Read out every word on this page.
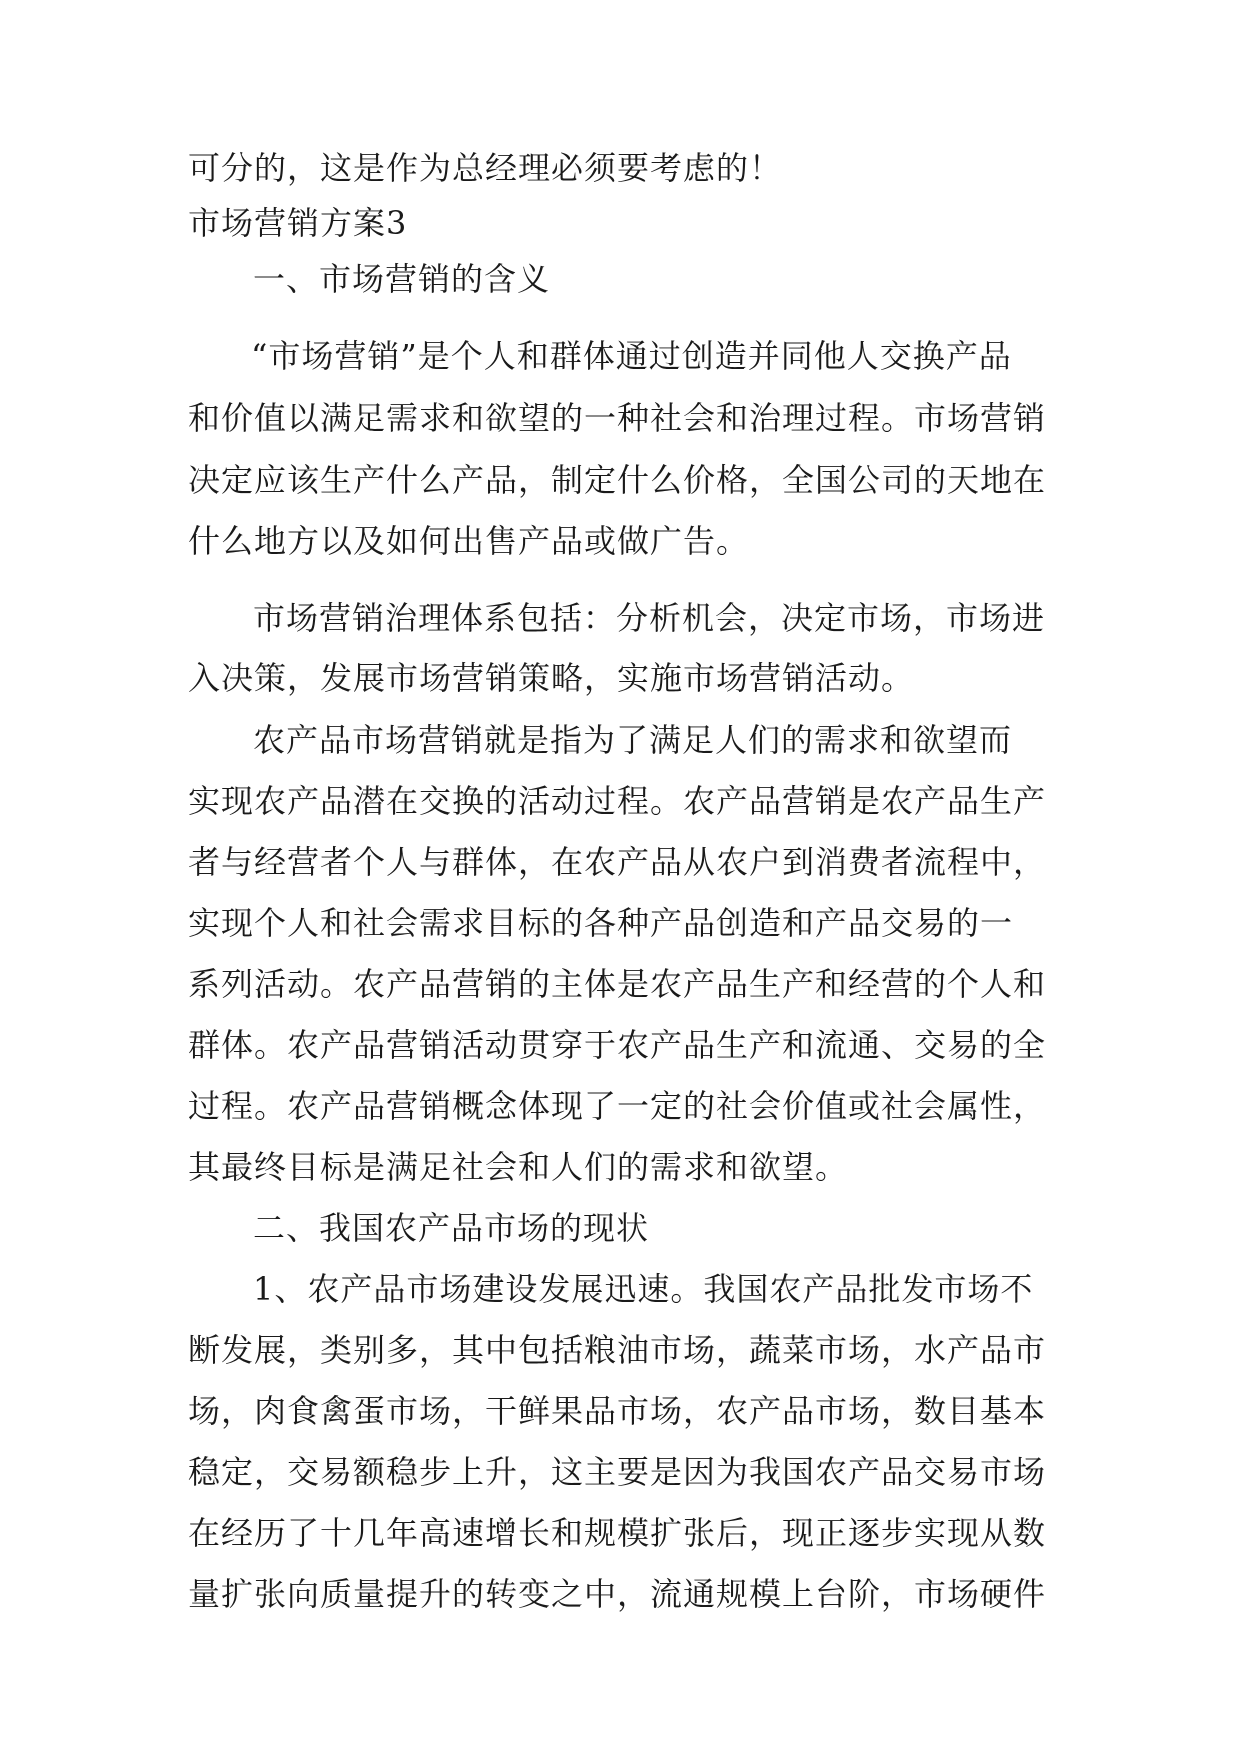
可分的，这是作为总经理必须要考虑的！
市场营销方案3
一、市场营销的含义
“市场营销”是个人和群体通过创造并同他人交换产品
和价值以满足需求和欲望的一种社会和治理过程。市场营销
决定应该生产什么产品，制定什么价格，全国公司的天地在
什么地方以及如何出售产品或做广告。
市场营销治理体系包括：分析机会，决定市场，市场进
入决策，发展市场营销策略，实施市场营销活动。
农产品市场营销就是指为了满足人们的需求和欲望而
实现农产品潜在交换的活动过程。农产品营销是农产品生产
者与经营者个人与群体，在农产品从农户到消费者流程中，
实现个人和社会需求目标的各种产品创造和产品交易的一
系列活动。农产品营销的主体是农产品生产和经营的个人和
群体。农产品营销活动贯穿于农产品生产和流通、交易的全
过程。农产品营销概念体现了一定的社会价值或社会属性，
其最终目标是满足社会和人们的需求和欲望。
二、我国农产品市场的现状
1、农产品市场建设发展迅速。我国农产品批发市场不
断发展，类别多，其中包括粮油市场，蔬菜市场，水产品市
场，肉食禽蛋市场，干鲜果品市场，农产品市场，数目基本
稳定，交易额稳步上升，这主要是因为我国农产品交易市场
在经历了十几年高速增长和规模扩张后，现正逐步实现从数
量扩张向质量提升的转变之中，流通规模上台阶，市场硬件
